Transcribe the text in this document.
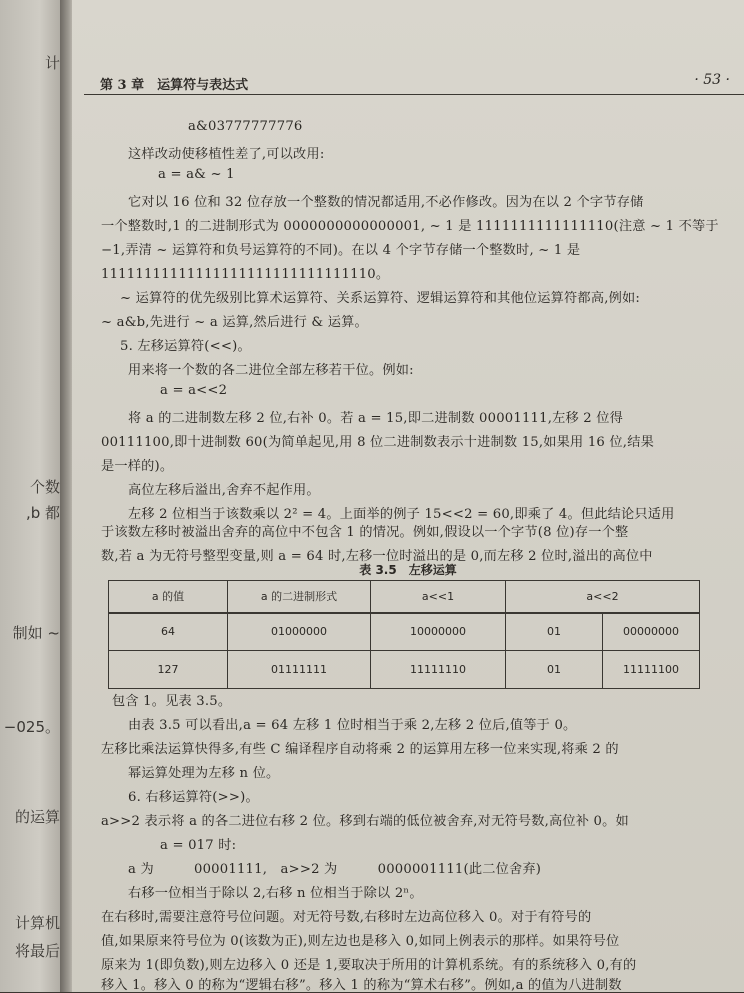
计
个数
,b 都
制如 ~
−025。
的运算
计算机
将最后
第 3 章　运算符与表达式	· 53 ·
a&03777777776
这样改动使移植性差了,可以改用:
a = a& ~ 1
它对以 16 位和 32 位存放一个整数的情况都适用,不必作修改。因为在以 2 个字节存储
一个整数时,1 的二进制形式为 0000000000000001, ~ 1 是 1111111111111110(注意 ~ 1 不等于
−1,弄清 ~ 运算符和负号运算符的不同)。在以 4 个字节存储一个整数时, ~ 1 是
11111111111111111111111111111110。
~ 运算符的优先级别比算术运算符、关系运算符、逻辑运算符和其他位运算符都高,例如:
~ a&b,先进行 ~ a 运算,然后进行 & 运算。
5. 左移运算符(<<)。
用来将一个数的各二进位全部左移若干位。例如:
a = a<<2
将 a 的二进制数左移 2 位,右补 0。若 a = 15,即二进制数 00001111,左移 2 位得
00111100,即十进制数 60(为简单起见,用 8 位二进制数表示十进制数 15,如果用 16 位,结果
是一样的)。
高位左移后溢出,舍弃不起作用。
左移 2 位相当于该数乘以 2² = 4。上面举的例子 15<<2 = 60,即乘了 4。但此结论只适用
于该数左移时被溢出舍弃的高位中不包含 1 的情况。例如,假设以一个字节(8 位)存一个整
数,若 a 为无符号整型变量,则 a = 64 时,左移一位时溢出的是 0,而左移 2 位时,溢出的高位中
表 3.5　左移运算
a 的值	a 的二进制形式	a<<1	a<<2	
64	01000000	10000000	01	00000000
127	01111111	11111110	01	11111100
包含 1。见表 3.5。
由表 3.5 可以看出,a = 64 左移 1 位时相当于乘 2,左移 2 位后,值等于 0。
左移比乘法运算快得多,有些 C 编译程序自动将乘 2 的运算用左移一位来实现,将乘 2 的
幂运算处理为左移 n 位。
6. 右移运算符(>>)。
a>>2 表示将 a 的各二进位右移 2 位。移到右端的低位被舍弃,对无符号数,高位补 0。如
a = 017 时:
a 为　　　00001111,　a>>2 为　　　0000001111(此二位舍弃)
右移一位相当于除以 2,右移 n 位相当于除以 2ⁿ。
在右移时,需要注意符号位问题。对无符号数,右移时左边高位移入 0。对于有符号的
值,如果原来符号位为 0(该数为正),则左边也是移入 0,如同上例表示的那样。如果符号位
原来为 1(即负数),则左边移入 0 还是 1,要取决于所用的计算机系统。有的系统移入 0,有的
移入 1。移入 0 的称为“逻辑右移”。移入 1 的称为“算术右移”。例如,a 的值为八进制数
